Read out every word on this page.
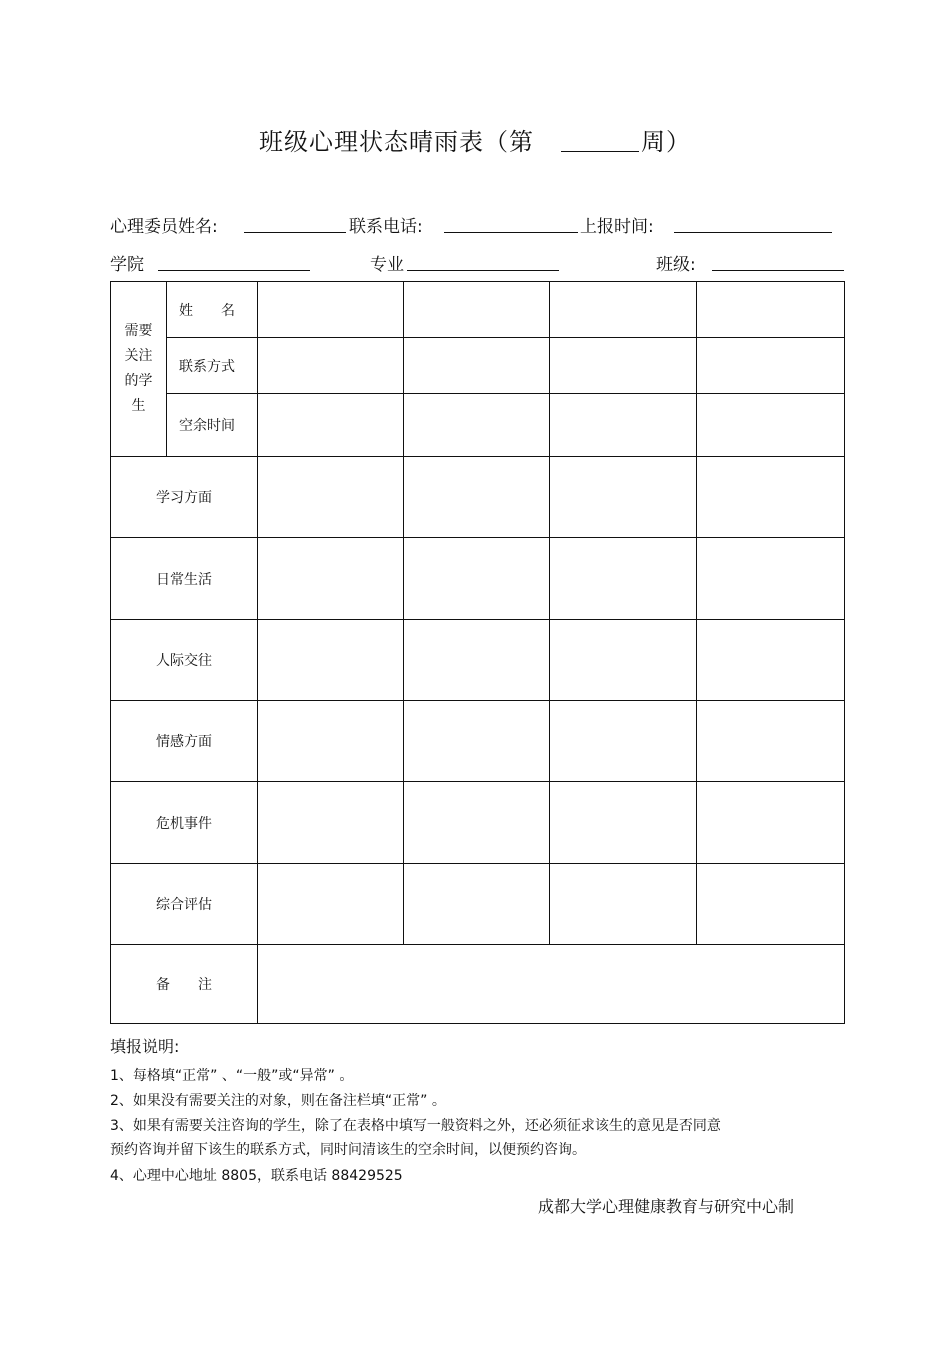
班级心理状态晴雨表（第　	周）
心理委员姓名:	联系电话:	上报时间:
学院	专业	班级:
需要
关注
的学
生	姓　　名				
	联系方式				
	空余时间				
学习方面					
日常生活					
人际交往					
情感方面					
危机事件					
综合评估					
备　　注					
填报说明:
1、每格填“正常” 、“一般”或“异常” 。
2、如果没有需要关注的对象，则在备注栏填“正常” 。
3、如果有需要关注咨询的学生，除了在表格中填写一般资料之外，还必须征求该生的意见是否同意
预约咨询并留下该生的联系方式，同时问清该生的空余时间，以便预约咨询。
4、心理中心地址 8805，联系电话 88429525
成都大学心理健康教育与研究中心制
